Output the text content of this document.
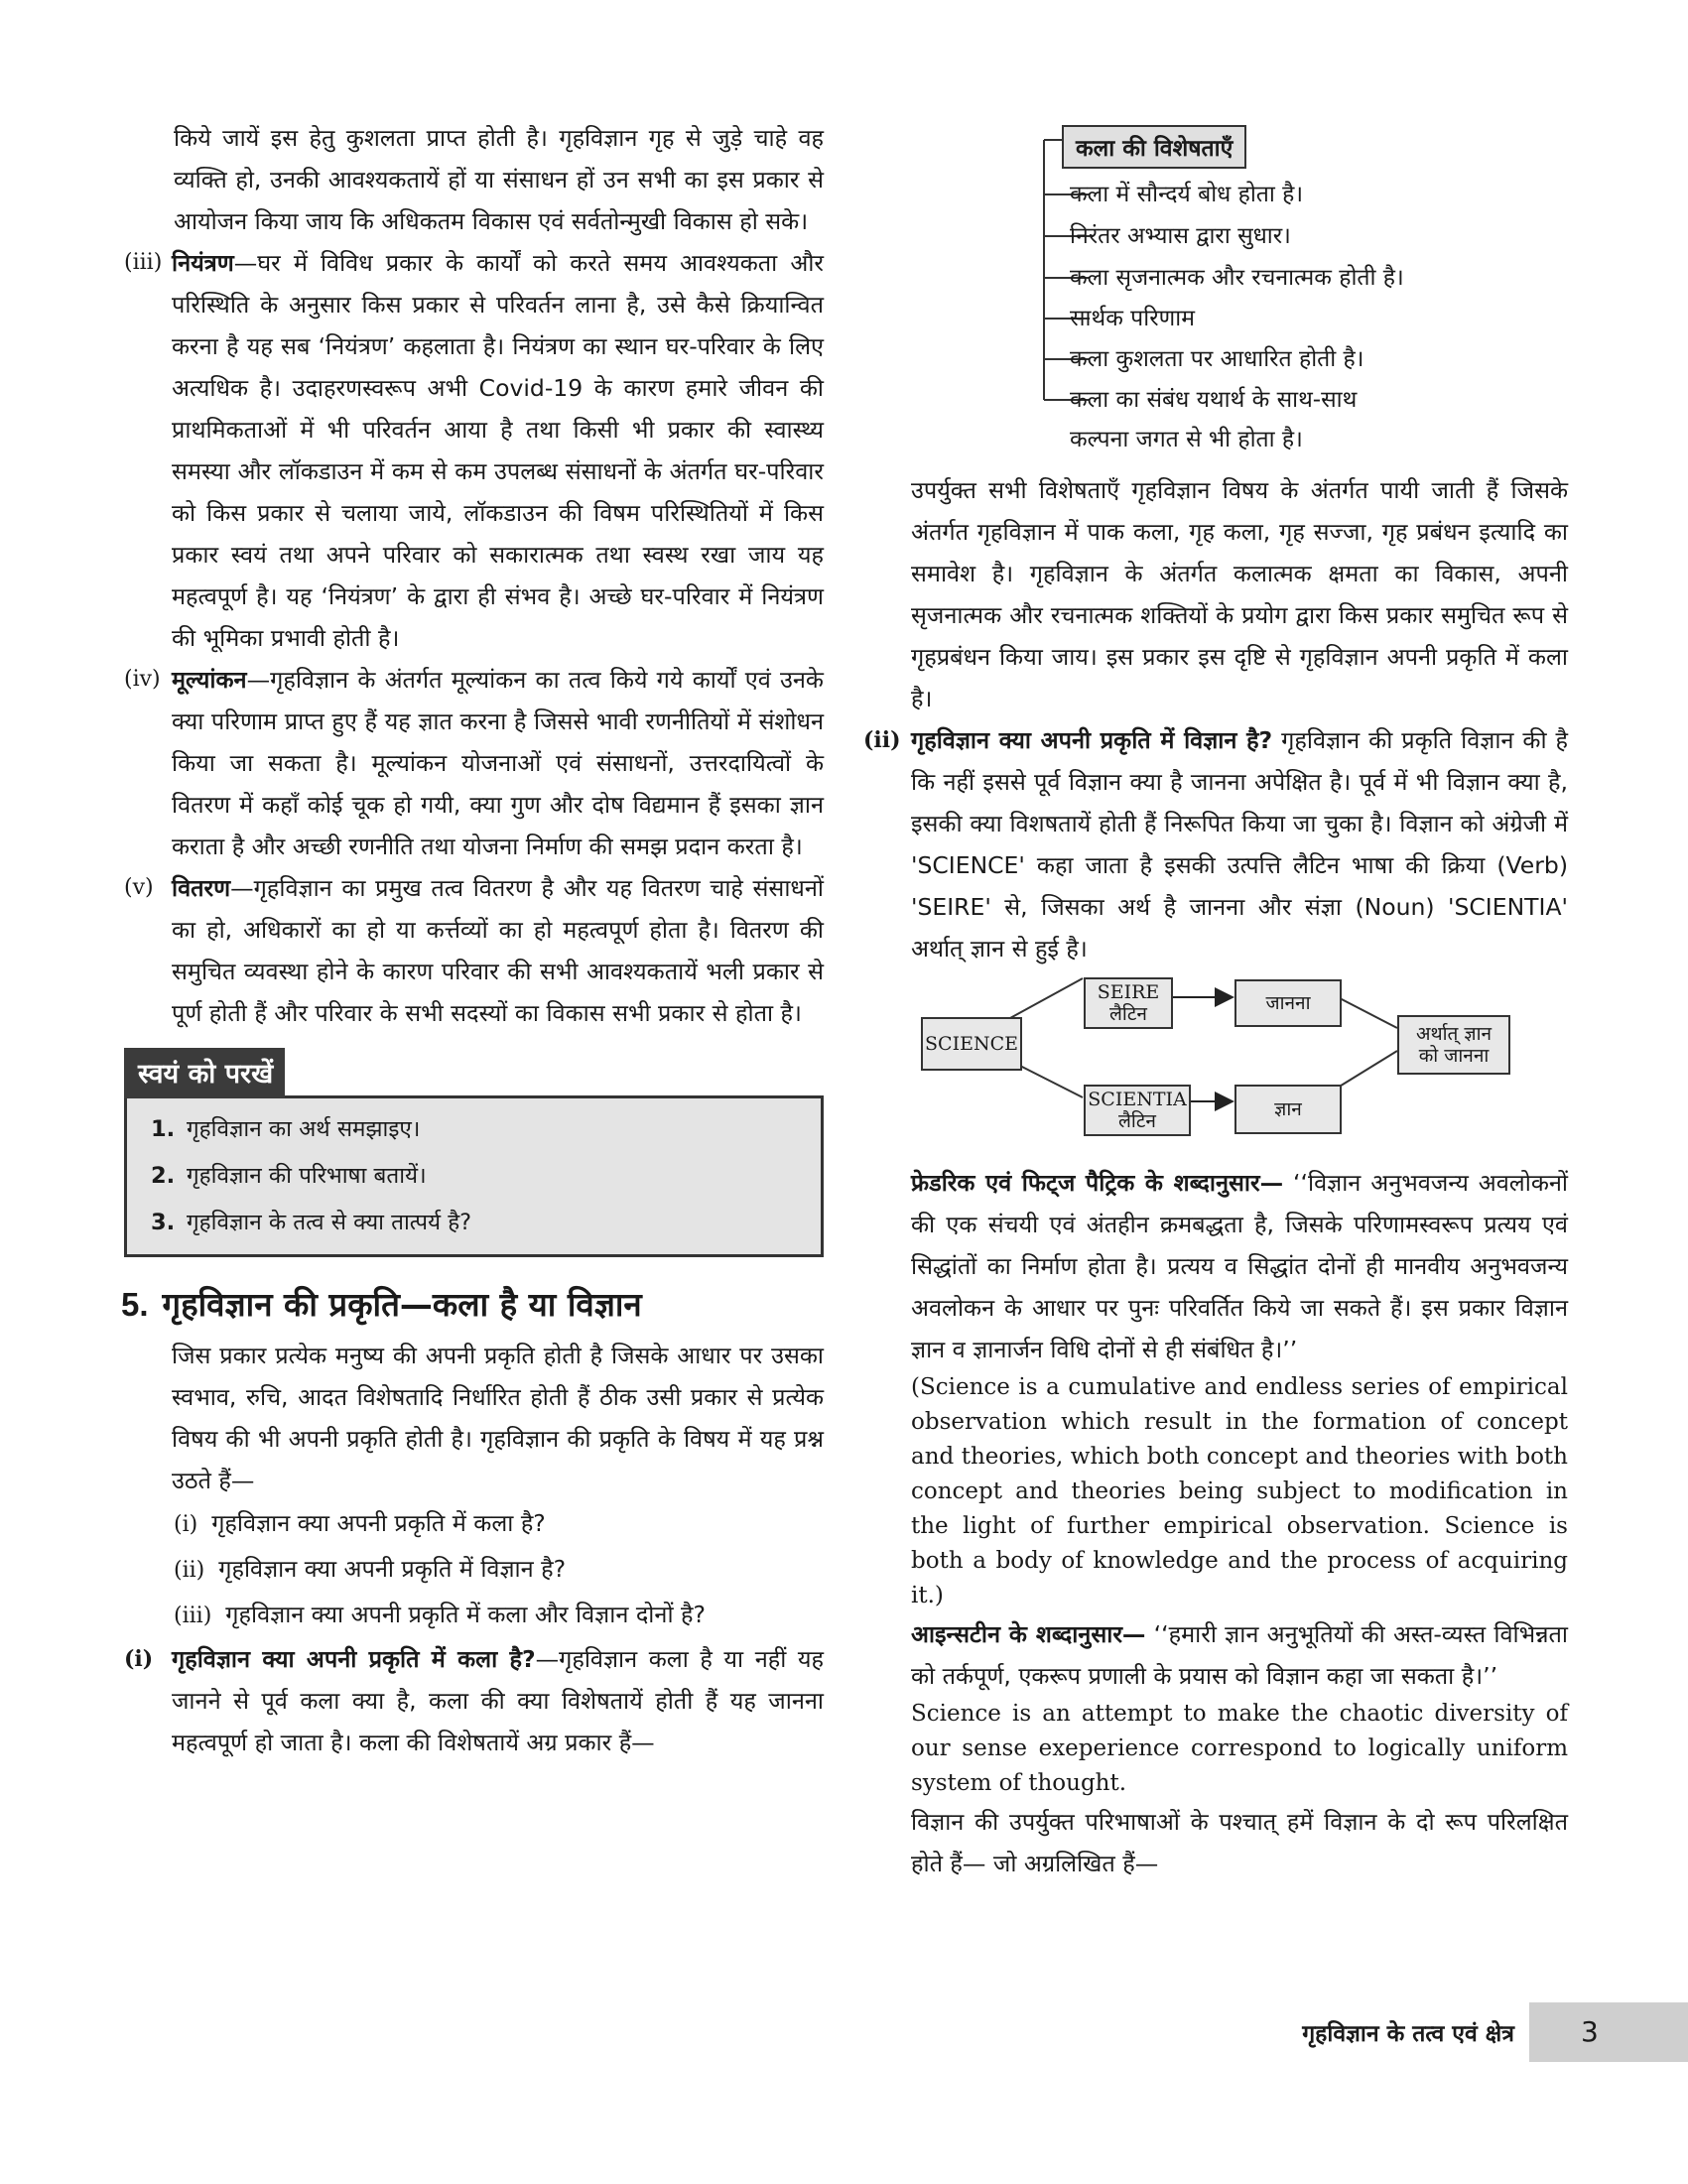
किये जायें इस हेतु कुशलता प्राप्त होती है। गृहविज्ञान गृह से जुड़े चाहे वह व्यक्ति हो, उनकी आवश्यकतायें हों या संसाधन हों उन सभी का इस प्रकार से आयोजन किया जाय कि अधिकतम विकास एवं सर्वतोन्मुखी विकास हो सके।

(iii) नियंत्रण—घर में विविध प्रकार के कार्यों को करते समय आवश्यकता और परिस्थिति के अनुसार किस प्रकार से परिवर्तन लाना है, उसे कैसे क्रियान्वित करना है यह सब ‘नियंत्रण’ कहलाता है। नियंत्रण का स्थान घर-परिवार के लिए अत्यधिक है। उदाहरणस्वरूप अभी Covid-19 के कारण हमारे जीवन की प्राथमिकताओं में भी परिवर्तन आया है तथा किसी भी प्रकार की स्वास्थ्य समस्या और लॉकडाउन में कम से कम उपलब्ध संसाधनों के अंतर्गत घर-परिवार को किस प्रकार से चलाया जाये, लॉकडाउन की विषम परिस्थितियों में किस प्रकार स्वयं तथा अपने परिवार को सकारात्मक तथा स्वस्थ रखा जाय यह महत्वपूर्ण है। यह ‘नियंत्रण’ के द्वारा ही संभव है। अच्छे घर-परिवार में नियंत्रण की भूमिका प्रभावी होती है।

(iv) मूल्यांकन—गृहविज्ञान के अंतर्गत मूल्यांकन का तत्व किये गये कार्यों एवं उनके क्या परिणाम प्राप्त हुए हैं यह ज्ञात करना है जिससे भावी रणनीतियों में संशोधन किया जा सकता है। मूल्यांकन योजनाओं एवं संसाधनों, उत्तरदायित्वों के वितरण में कहाँ कोई चूक हो गयी, क्या गुण और दोष विद्यमान हैं इसका ज्ञान कराता है और अच्छी रणनीति तथा योजना निर्माण की समझ प्रदान करता है।

(v) वितरण—गृहविज्ञान का प्रमुख तत्व वितरण है और यह वितरण चाहे संसाधनों का हो, अधिकारों का हो या कर्त्तव्यों का हो महत्वपूर्ण होता है। वितरण की समुचित व्यवस्था होने के कारण परिवार की सभी आवश्यकतायें भली प्रकार से पूर्ण होती हैं और परिवार के सभी सदस्यों का विकास सभी प्रकार से होता है।

स्वयं को परखें
1. गृहविज्ञान का अर्थ समझाइए।
2. गृहविज्ञान की परिभाषा बतायें।
3. गृहविज्ञान के तत्व से क्या तात्पर्य है?
5. गृहविज्ञान की प्रकृति—कला है या विज्ञान

जिस प्रकार प्रत्येक मनुष्य की अपनी प्रकृति होती है जिसके आधार पर उसका स्वभाव, रुचि, आदत विशेषतादि निर्धारित होती हैं ठीक उसी प्रकार से प्रत्येक विषय की भी अपनी प्रकृति होती है। गृहविज्ञान की प्रकृति के विषय में यह प्रश्न उठते हैं—

(i) गृहविज्ञान क्या अपनी प्रकृति में कला है?
(ii) गृहविज्ञान क्या अपनी प्रकृति में विज्ञान है?
(iii) गृहविज्ञान क्या अपनी प्रकृति में कला और विज्ञान दोनों है?
(i) गृहविज्ञान क्या अपनी प्रकृति में कला है?—गृहविज्ञान कला है या नहीं यह जानने से पूर्व कला क्या है, कला की क्या विशेषतायें होती हैं यह जानना महत्वपूर्ण हो जाता है। कला की विशेषतायें अग्र प्रकार हैं—

कला की विशेषताएँ
कला में सौन्दर्य बोध होता है।
निरंतर अभ्यास द्वारा सुधार।
कला सृजनात्मक और रचनात्मक होती है।
सार्थक परिणाम
कला कुशलता पर आधारित होती है।
कला का संबंध यथार्थ के साथ-साथ
कल्पना जगत से भी होता है।

उपर्युक्त सभी विशेषताएँ गृहविज्ञान विषय के अंतर्गत पायी जाती हैं जिसके अंतर्गत गृहविज्ञान में पाक कला, गृह कला, गृह सज्जा, गृह प्रबंधन इत्यादि का समावेश है। गृहविज्ञान के अंतर्गत कलात्मक क्षमता का विकास, अपनी सृजनात्मक और रचनात्मक शक्तियों के प्रयोग द्वारा किस प्रकार समुचित रूप से गृहप्रबंधन किया जाय। इस प्रकार इस दृष्टि से गृहविज्ञान अपनी प्रकृति में कला है।

(ii) गृहविज्ञान क्या अपनी प्रकृति में विज्ञान है? गृहविज्ञान की प्रकृति विज्ञान की है कि नहीं इससे पूर्व विज्ञान क्या है जानना अपेक्षित है। पूर्व में भी विज्ञान क्या है, इसकी क्या विशषतायें होती हैं निरूपित किया जा चुका है। विज्ञान को अंग्रेजी में 'SCIENCE' कहा जाता है इसकी उत्पत्ति लैटिन भाषा की क्रिया (Verb) 'SEIRE' से, जिसका अर्थ है जानना और संज्ञा (Noun) 'SCIENTIA' अर्थात् ज्ञान से हुई है।

SCIENCE
SEIRE
लैटिन	जानना
SCIENTIA
लैटिन
ज्ञान
अर्थात् ज्ञान
को जानना

फ्रेडरिक एवं फिट्ज पैट्रिक के शब्दानुसार— ‘‘विज्ञान अनुभवजन्य अवलोकनों की एक संचयी एवं अंतहीन क्रमबद्धता है, जिसके परिणामस्वरूप प्रत्यय एवं सिद्धांतों का निर्माण होता है। प्रत्यय व सिद्धांत दोनों ही मानवीय अनुभवजन्य अवलोकन के आधार पर पुनः परिवर्तित किये जा सकते हैं। इस प्रकार विज्ञान ज्ञान व ज्ञानार्जन विधि दोनों से ही संबंधित है।’’

(Science is a cumulative and endless series of empirical observation which result in the formation of concept and theories, which both concept and theories with both concept and theories being subject to modification in the light of further empirical observation. Science is both a body of knowledge and the process of acquiring it.)

आइन्सटीन के शब्दानुसार— ‘‘हमारी ज्ञान अनुभूतियों की अस्त-व्यस्त विभिन्नता को तर्कपूर्ण, एकरूप प्रणाली के प्रयास को विज्ञान कहा जा सकता है।’’

Science is an attempt to make the chaotic diversity of our sense exeperience correspond to logically uniform system of thought.

विज्ञान की उपर्युक्त परिभाषाओं के पश्चात् हमें विज्ञान के दो रूप परिलक्षित होते हैं— जो अग्रलिखित हैं—

गृहविज्ञान के तत्व एवं क्षेत्र	3
